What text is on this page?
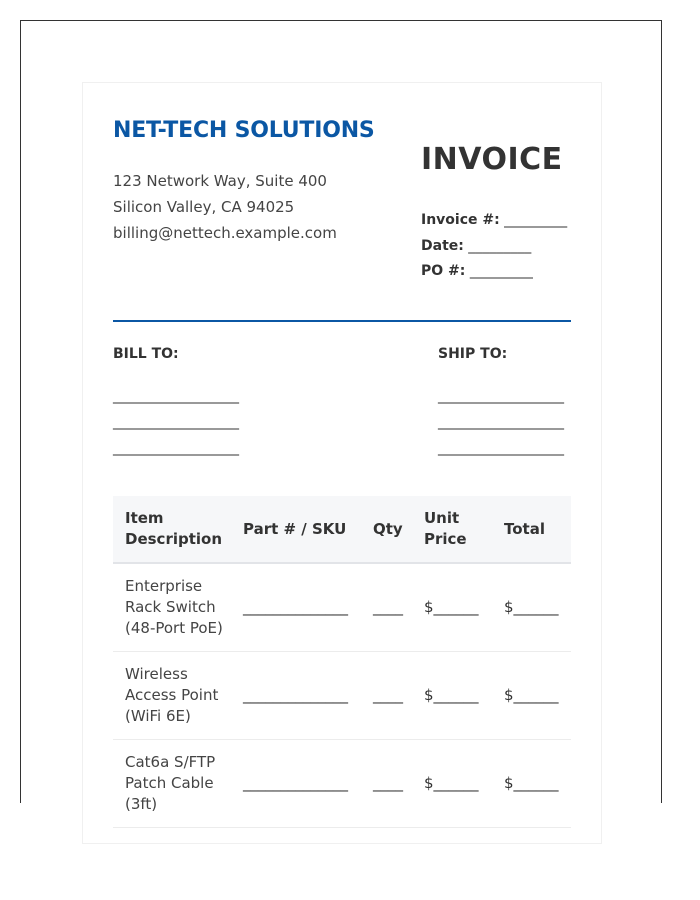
NET-TECH SOLUTIONS
123 Network Way, Suite 400
Silicon Valley, CA 94025
billing@nettech.example.com
INVOICE
Invoice #: _________
Date: _________
PO #: _________
BILL TO:
__________________
__________________
__________________
SHIP TO:
__________________
__________________
__________________
Item Description	Part # / SKU	Qty	Unit Price	Total
Enterprise Rack Switch (48-Port PoE)	______________	____	$______	$______
Wireless Access Point (WiFi 6E)	______________	____	$______	$______
Cat6a S/FTP Patch Cable (3ft)	______________	____	$______	$______
